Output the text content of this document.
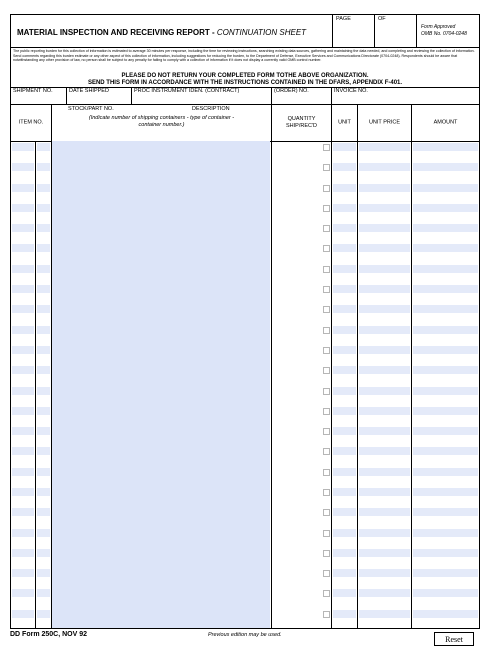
MATERIAL INSPECTION AND RECEIVING REPORT - CONTINUATION SHEET
PAGE	OF
Form Approved
OMB No. 0704-0248
The public reporting burden for this collection of information is estimated to average 30 minutes per response, including the time for reviewing instructions, searching existing data sources, gathering and maintaining the data needed, and completing and reviewing the collection of information. Send comments regarding this burden estimate or any other aspect of this collection of information, including suggestions for reducing the burden, to the Department of Defense, Executive Services and Communications Directorate (0704-0248). Respondents should be aware that notwithstanding any other provision of law, no person shall be subject to any penalty for failing to comply with a collection of information if it does not display a currently valid OMB control number.
PLEASE DO NOT RETURN YOUR COMPLETED FORM TOTHE ABOVE ORGANIZATION.
SEND THIS FORM IN ACCORDANCE WITH THE INSTRUCTIONS CONTAINED IN THE DFARS, APPENDIX F-401.
SHIPMENT NO.	DATE SHIPPED	PROC INSTRUMENT IDEN. (CONTRACT)	(ORDER) NO.	INVOICE NO.
ITEM NO.
STOCK/PART NO.	DESCRIPTION
(Indicate number of shipping containers - type of container - container number.)
QUANTITY SHIP/REC'D
UNIT	UNIT PRICE	AMOUNT
DD Form 250C, NOV 92	Previous edition may be used.	Reset
